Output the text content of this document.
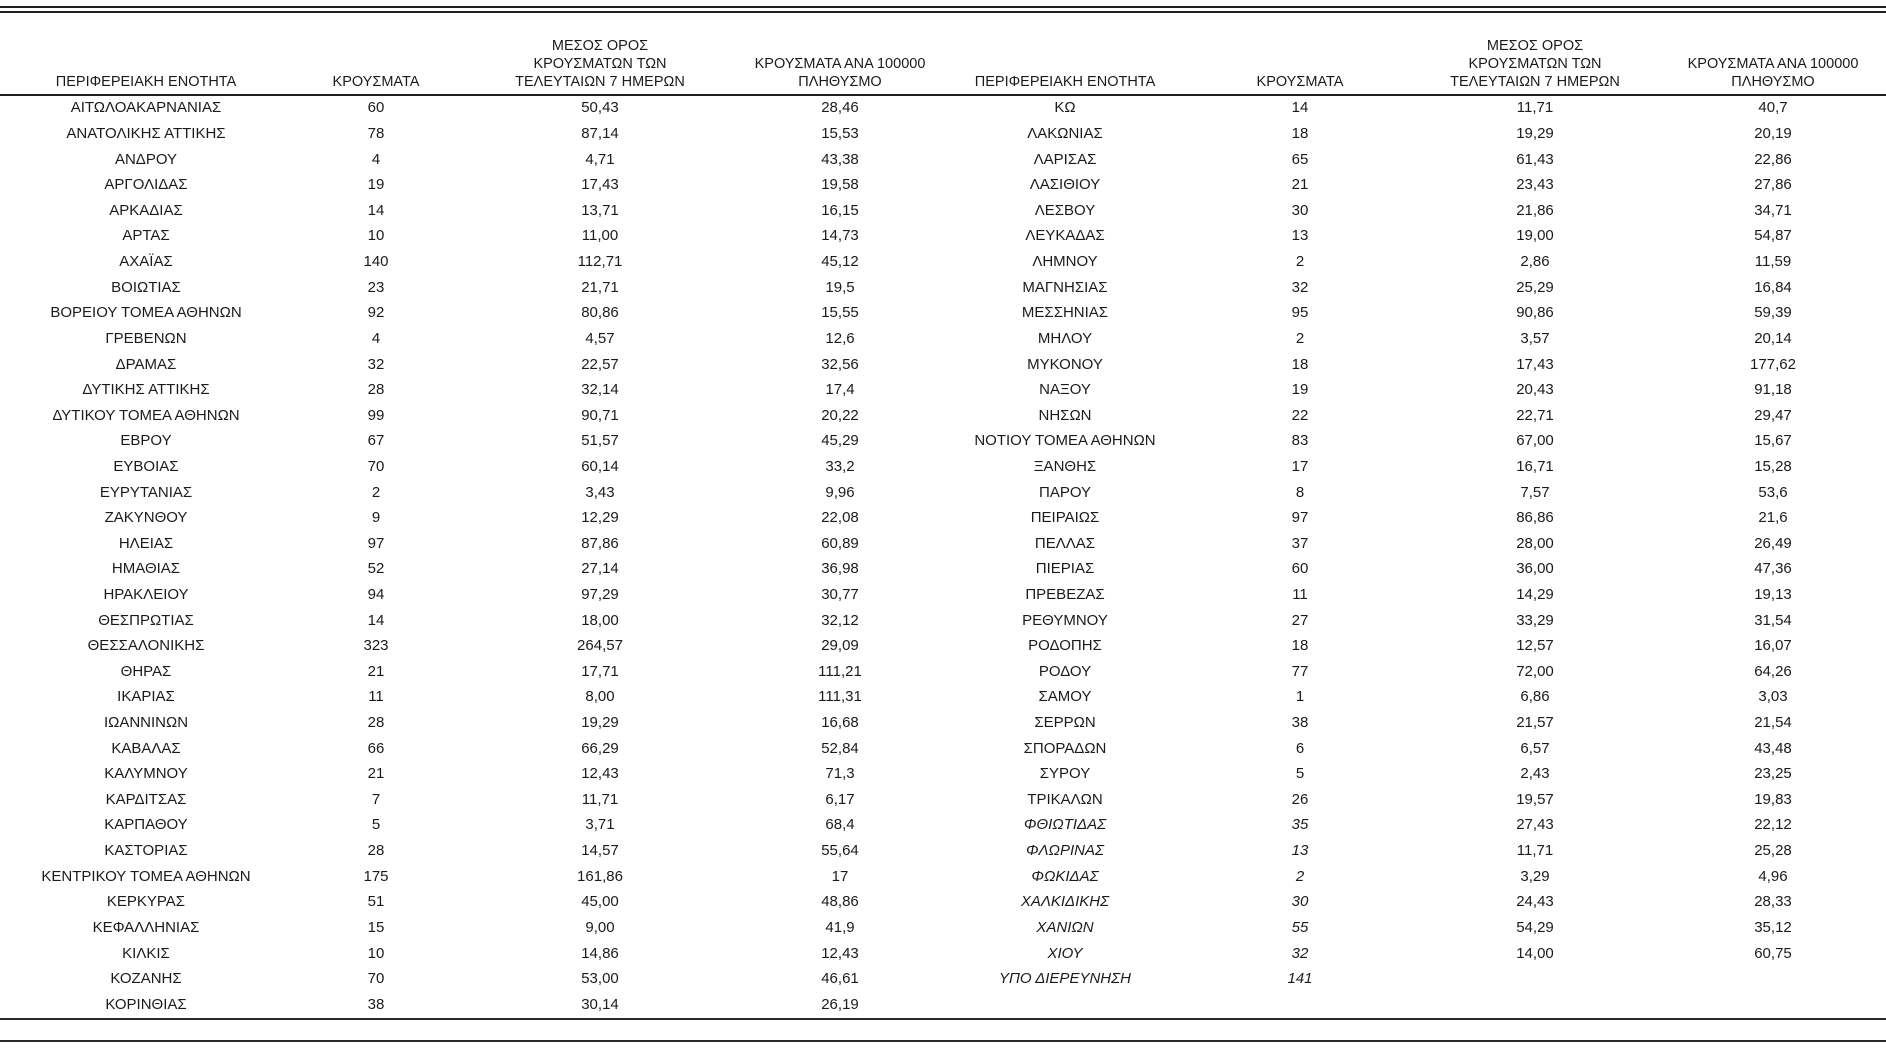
ΠΕΡΙΦΕΡΕΙΑΚΗ ΕΝΟΤΗΤΑ	ΚΡΟΥΣΜΑΤΑ	ΜΕΣΟΣ ΟΡΟΣ
ΚΡΟΥΣΜΑΤΩΝ ΤΩΝ
ΤΕΛΕΥΤΑΙΩΝ 7 ΗΜΕΡΩΝ	ΚΡΟΥΣΜΑΤΑ ΑΝΑ 100000
ΠΛΗΘΥΣΜΟ	ΠΕΡΙΦΕΡΕΙΑΚΗ ΕΝΟΤΗΤΑ	ΚΡΟΥΣΜΑΤΑ	ΜΕΣΟΣ ΟΡΟΣ
ΚΡΟΥΣΜΑΤΩΝ ΤΩΝ
ΤΕΛΕΥΤΑΙΩΝ 7 ΗΜΕΡΩΝ	ΚΡΟΥΣΜΑΤΑ ΑΝΑ 100000
ΠΛΗΘΥΣΜΟ

ΑΙΤΩΛΟΑΚΑΡΝΑΝΙΑΣ	60	50,43	28,46	ΚΩ	14	11,71	40,7
ΑΝΑΤΟΛΙΚΗΣ ΑΤΤΙΚΗΣ	78	87,14	15,53	ΛΑΚΩΝΙΑΣ	18	19,29	20,19
ΑΝΔΡΟΥ	4	4,71	43,38	ΛΑΡΙΣΑΣ	65	61,43	22,86
ΑΡΓΟΛΙΔΑΣ	19	17,43	19,58	ΛΑΣΙΘΙΟΥ	21	23,43	27,86
ΑΡΚΑΔΙΑΣ	14	13,71	16,15	ΛΕΣΒΟΥ	30	21,86	34,71
ΑΡΤΑΣ	10	11,00	14,73	ΛΕΥΚΑΔΑΣ	13	19,00	54,87
ΑΧΑΪΑΣ	140	112,71	45,12	ΛΗΜΝΟΥ	2	2,86	11,59
ΒΟΙΩΤΙΑΣ	23	21,71	19,5	ΜΑΓΝΗΣΙΑΣ	32	25,29	16,84
ΒΟΡΕΙΟΥ ΤΟΜΕΑ ΑΘΗΝΩΝ	92	80,86	15,55	ΜΕΣΣΗΝΙΑΣ	95	90,86	59,39
ΓΡΕΒΕΝΩΝ	4	4,57	12,6	ΜΗΛΟΥ	2	3,57	20,14
ΔΡΑΜΑΣ	32	22,57	32,56	ΜΥΚΟΝΟΥ	18	17,43	177,62
ΔΥΤΙΚΗΣ ΑΤΤΙΚΗΣ	28	32,14	17,4	ΝΑΞΟΥ	19	20,43	91,18
ΔΥΤΙΚΟΥ ΤΟΜΕΑ ΑΘΗΝΩΝ	99	90,71	20,22	ΝΗΣΩΝ	22	22,71	29,47
ΕΒΡΟΥ	67	51,57	45,29	ΝΟΤΙΟΥ ΤΟΜΕΑ ΑΘΗΝΩΝ	83	67,00	15,67
ΕΥΒΟΙΑΣ	70	60,14	33,2	ΞΑΝΘΗΣ	17	16,71	15,28
ΕΥΡΥΤΑΝΙΑΣ	2	3,43	9,96	ΠΑΡΟΥ	8	7,57	53,6
ΖΑΚΥΝΘΟΥ	9	12,29	22,08	ΠΕΙΡΑΙΩΣ	97	86,86	21,6
ΗΛΕΙΑΣ	97	87,86	60,89	ΠΕΛΛΑΣ	37	28,00	26,49
ΗΜΑΘΙΑΣ	52	27,14	36,98	ΠΙΕΡΙΑΣ	60	36,00	47,36
ΗΡΑΚΛΕΙΟΥ	94	97,29	30,77	ΠΡΕΒΕΖΑΣ	11	14,29	19,13
ΘΕΣΠΡΩΤΙΑΣ	14	18,00	32,12	ΡΕΘΥΜΝΟΥ	27	33,29	31,54
ΘΕΣΣΑΛΟΝΙΚΗΣ	323	264,57	29,09	ΡΟΔΟΠΗΣ	18	12,57	16,07
ΘΗΡΑΣ	21	17,71	111,21	ΡΟΔΟΥ	77	72,00	64,26
ΙΚΑΡΙΑΣ	11	8,00	111,31	ΣΑΜΟΥ	1	6,86	3,03
ΙΩΑΝΝΙΝΩΝ	28	19,29	16,68	ΣΕΡΡΩΝ	38	21,57	21,54
ΚΑΒΑΛΑΣ	66	66,29	52,84	ΣΠΟΡΑΔΩΝ	6	6,57	43,48
ΚΑΛΥΜΝΟΥ	21	12,43	71,3	ΣΥΡΟΥ	5	2,43	23,25
ΚΑΡΔΙΤΣΑΣ	7	11,71	6,17	ΤΡΙΚΑΛΩΝ	26	19,57	19,83
ΚΑΡΠΑΘΟΥ	5	3,71	68,4	ΦΘΙΩΤΙΔΑΣ	35	27,43	22,12
ΚΑΣΤΟΡΙΑΣ	28	14,57	55,64	ΦΛΩΡΙΝΑΣ	13	11,71	25,28
ΚΕΝΤΡΙΚΟΥ ΤΟΜΕΑ ΑΘΗΝΩΝ	175	161,86	17	ΦΩΚΙΔΑΣ	2	3,29	4,96
ΚΕΡΚΥΡΑΣ	51	45,00	48,86	ΧΑΛΚΙΔΙΚΗΣ	30	24,43	28,33
ΚΕΦΑΛΛΗΝΙΑΣ	15	9,00	41,9	ΧΑΝΙΩΝ	55	54,29	35,12
ΚΙΛΚΙΣ	10	14,86	12,43	ΧΙΟΥ	32	14,00	60,75
ΚΟΖΑΝΗΣ	70	53,00	46,61	ΥΠΟ ΔΙΕΡΕΥΝΗΣΗ	141		
ΚΟΡΙΝΘΙΑΣ	38	30,14	26,19				
